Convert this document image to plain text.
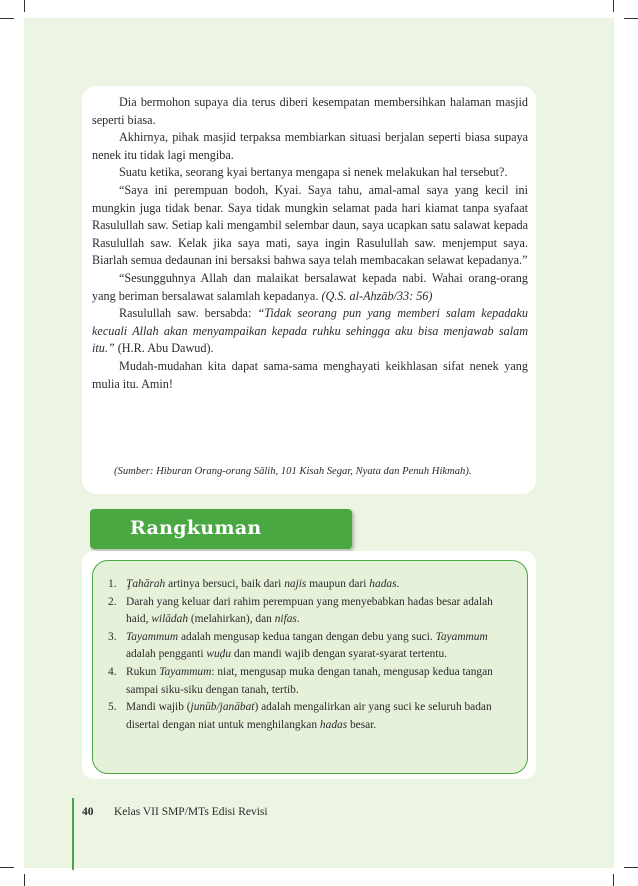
Dia bermohon supaya dia terus diberi kesempatan membersihkan halaman masjid seperti biasa.

Akhirnya, pihak masjid terpaksa membiarkan situasi berjalan seperti biasa supaya nenek itu tidak lagi mengiba.

Suatu ketika, seorang kyai bertanya mengapa si nenek melakukan hal tersebut?.

“Saya ini perempuan bodoh, Kyai. Saya tahu, amal-amal saya yang kecil ini mungkin juga tidak benar. Saya tidak mungkin selamat pada hari kiamat tanpa syafaat Rasulullah saw. Setiap kali mengambil selembar daun, saya ucapkan satu salawat kepada Rasulullah saw. Kelak jika saya mati, saya ingin Rasulullah saw. menjemput saya. Biarlah semua dedaunan ini bersaksi bahwa saya telah membacakan selawat kepadanya.”

“Sesungguhnya Allah dan malaikat bersalawat kepada nabi. Wahai orang-orang yang beriman bersalawat salamlah kepadanya. (Q.S. al-Ahzāb/33: 56)

Rasulullah saw. bersabda: “Tidak seorang pun yang memberi salam kepadaku kecuali Allah akan menyampaikan kepada ruhku sehingga aku bisa menjawab salam itu.” (H.R. Abu Dawud).

Mudah-mudahan kita dapat sama-sama menghayati keikhlasan sifat nenek yang mulia itu. Amin!

(Sumber: Hiburan Orang-orang Sālih, 101 Kisah Segar, Nyata dan Penuh Hikmah).
Rangkuman
1. Ţahārah artinya bersuci, baik dari najis maupun dari hadas.
2. Darah yang keluar dari rahim perempuan yang menyebabkan hadas besar adalah haid, wilādah (melahirkan), dan nifas.
3. Tayammum adalah mengusap kedua tangan dengan debu yang suci. Tayammum adalah pengganti wuḍu dan mandi wajib dengan syarat-syarat tertentu.
4. Rukun Tayammum: niat, mengusap muka dengan tanah, mengusap kedua tangan sampai siku-siku dengan tanah, tertib.
5. Mandi wajib (junūb/janābat) adalah mengalirkan air yang suci ke seluruh badan disertai dengan niat untuk menghilangkan hadas besar.
40 Kelas VII SMP/MTs Edisi Revisi
